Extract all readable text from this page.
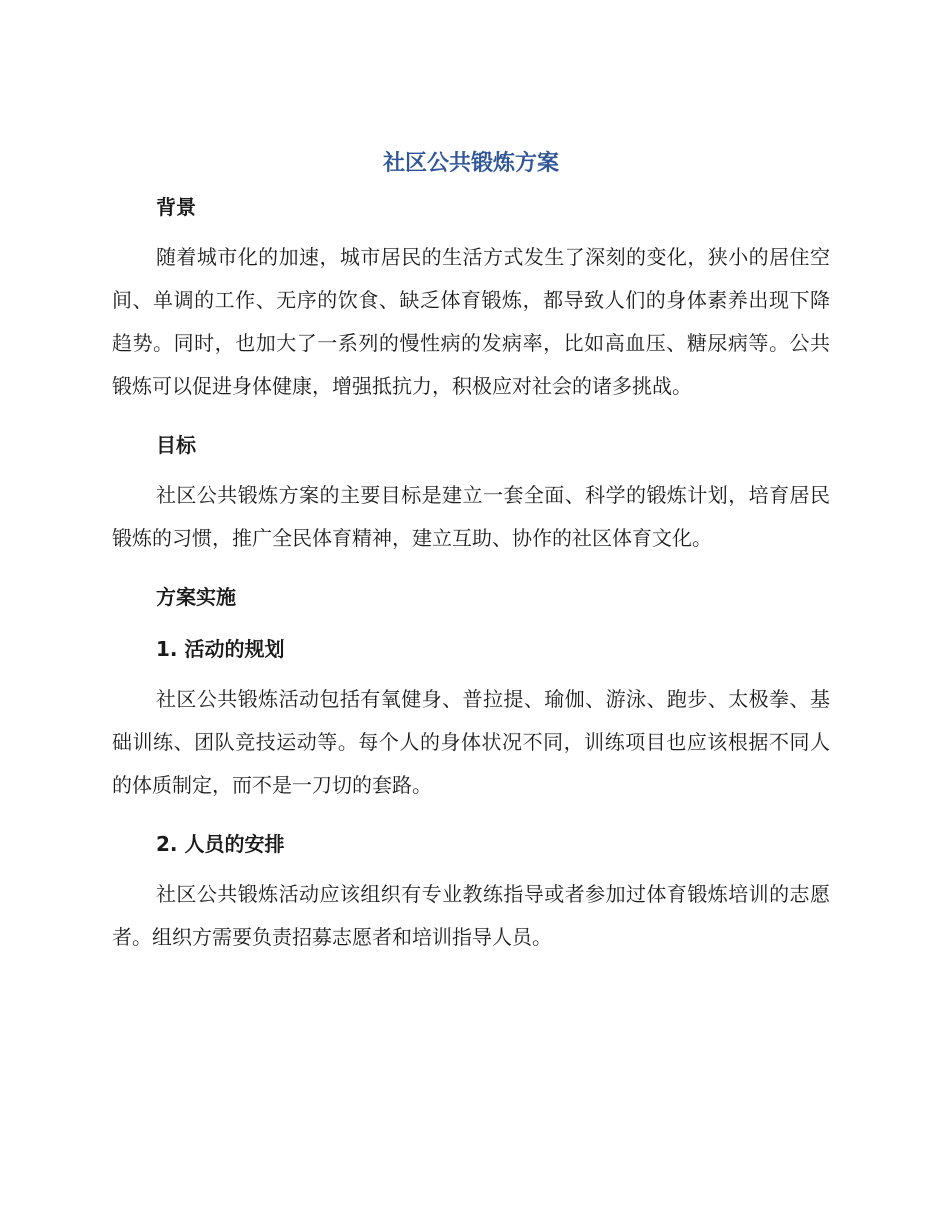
社区公共锻炼方案
背景

随着城市化的加速，城市居民的生活方式发生了深刻的变化，狭小的居住空间、单调的工作、无序的饮食、缺乏体育锻炼，都导致人们的身体素养出现下降趋势。同时，也加大了一系列的慢性病的发病率，比如高血压、糖尿病等。公共锻炼可以促进身体健康，增强抵抗力，积极应对社会的诸多挑战。

目标

社区公共锻炼方案的主要目标是建立一套全面、科学的锻炼计划，培育居民锻炼的习惯，推广全民体育精神，建立互助、协作的社区体育文化。

方案实施
1. 活动的规划

社区公共锻炼活动包括有氧健身、普拉提、瑜伽、游泳、跑步、太极拳、基础训练、团队竞技运动等。每个人的身体状况不同，训练项目也应该根据不同人的体质制定，而不是一刀切的套路。

2. 人员的安排

社区公共锻炼活动应该组织有专业教练指导或者参加过体育锻炼培训的志愿者。组织方需要负责招募志愿者和培训指导人员。
